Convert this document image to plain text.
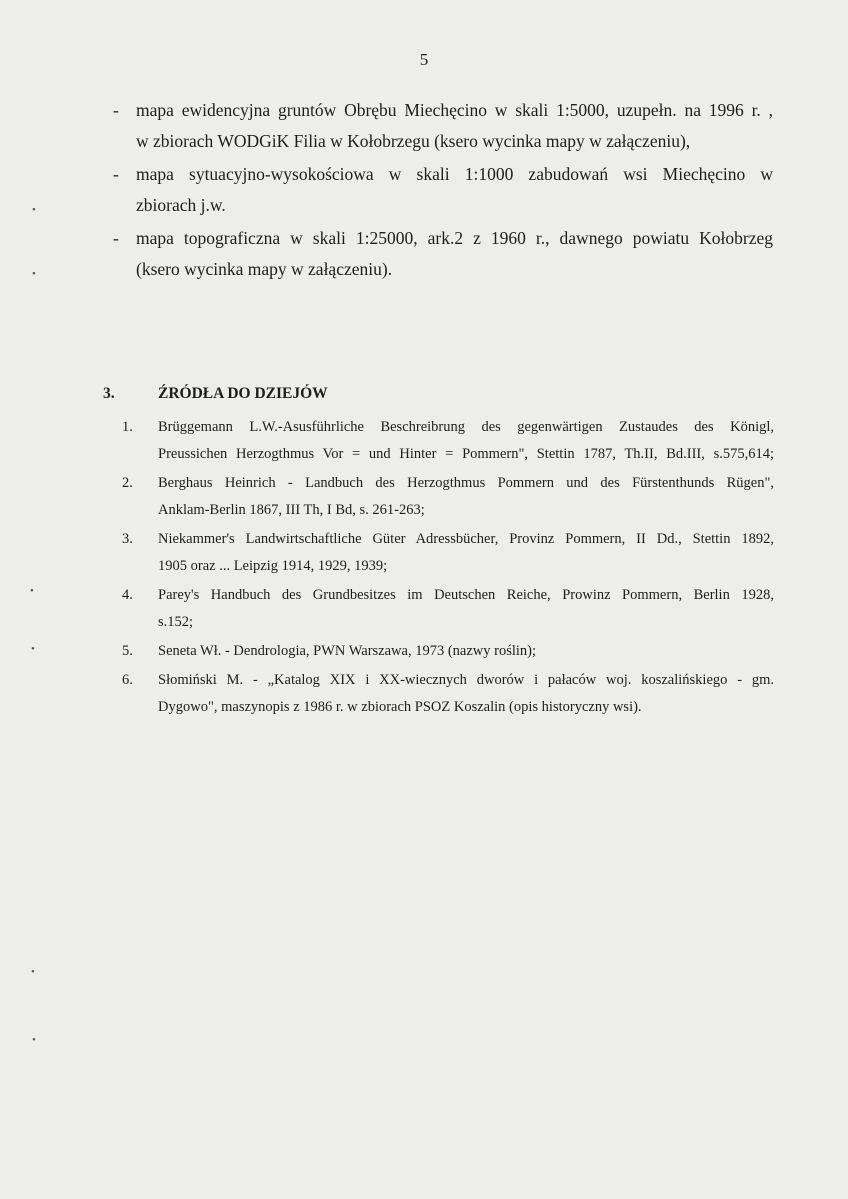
5
- mapa ewidencyjna gruntów Obrębu Miechęcino w skali 1:5000, uzupełn. na 1996 r. ,
w zbiorach WODGiK Filia w Kołobrzegu (ksero wycinka mapy w załączeniu),
- mapa sytuacyjno-wysokościowa w skali 1:1000 zabudowań wsi Miechęcino w
zbiorach j.w.
- mapa topograficzna w skali 1:25000, ark.2 z 1960 r., dawnego powiatu Kołobrzeg
(ksero wycinka mapy w załączeniu).
3.	ŹRÓDŁA DO DZIEJÓW
1. Brüggemann L.W.-Asusführliche Beschreibrung des gegenwärtigen Zustaudes des Königl,
Preussichen Herzogthmus Vor = und Hinter = Pommern", Stettin 1787, Th.II, Bd.III, s.575,614;
2. Berghaus Heinrich - Landbuch des Herzogthmus Pommern und des Fürstenthunds Rügen",
Anklam-Berlin 1867, III Th, I Bd, s. 261-263;
3. Niekammer's Landwirtschaftliche Güter Adressbücher, Provinz Pommern, II Dd., Stettin 1892,
1905 oraz ... Leipzig 1914, 1929, 1939;
4. Parey's Handbuch des Grundbesitzes im Deutschen Reiche, Prowinz Pommern, Berlin 1928,
s.152;
5. Seneta Wł. - Dendrologia, PWN Warszawa, 1973 (nazwy roślin);
6. Słomiński M. - „Katalog XIX i XX-wiecznych dworów i pałaców woj. koszalińskiego - gm.
Dygowo", maszynopis z 1986 r. w zbiorach PSOZ Koszalin (opis historyczny wsi).
•
•
•
•
•
•
